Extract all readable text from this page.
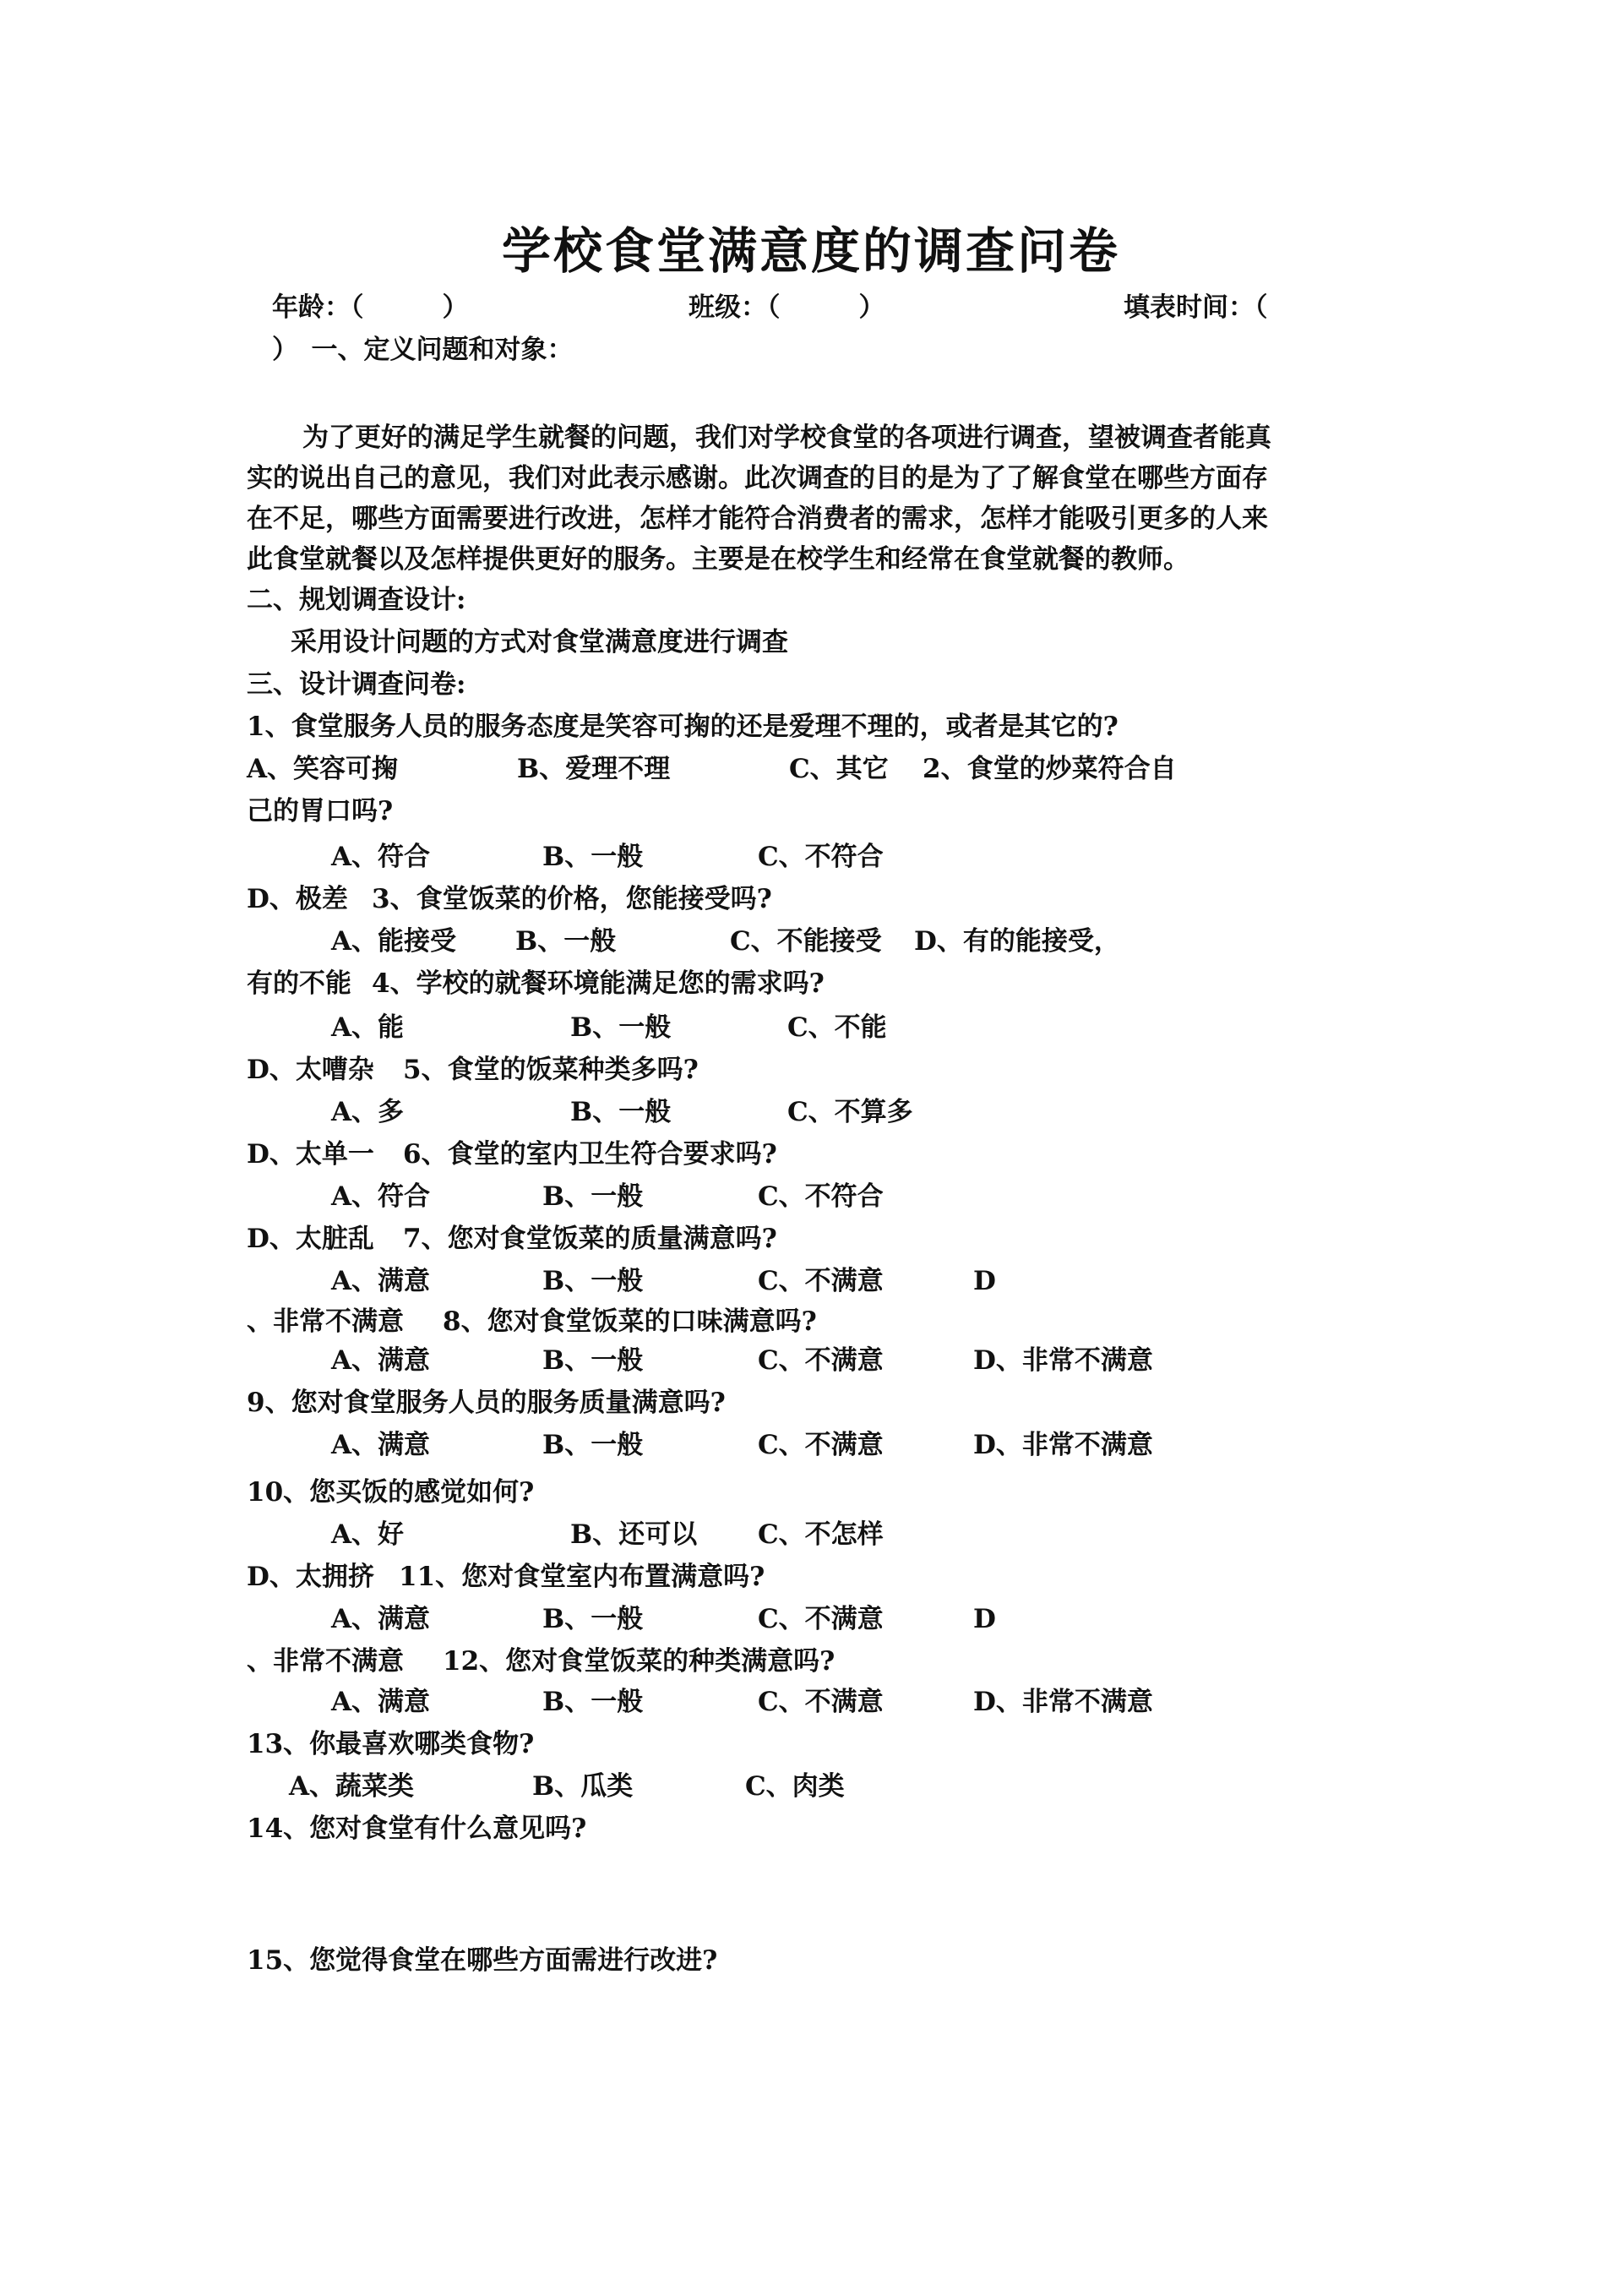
学校食堂满意度的调查问卷
年龄：（　　　）	班级：（　　　）	填表时间：（
）　一、定义问题和对象：
为了更好的满足学生就餐的问题，我们对学校食堂的各项进行调查，望被调查者能真
实的说出自己的意见，我们对此表示感谢。此次调查的目的是为了了解食堂在哪些方面存
在不足，哪些方面需要进行改进，怎样才能符合消费者的需求，怎样才能吸引更多的人来
此食堂就餐以及怎样提供更好的服务。主要是在校学生和经常在食堂就餐的教师。
二、规划调查设计:
采用设计问题的方式对食堂满意度进行调查
三、设计调查问卷:
1、食堂服务人员的服务态度是笑容可掬的还是爱理不理的，或者是其它的?
A、笑容可掬	B、爱理不理	C、其它 2、食堂的炒菜符合自
己的胃口吗?
A、符合	B、一般	C、不符合
D、极差 3、食堂饭菜的价格，您能接受吗?
A、能接受 B、一般	C、不能接受 D、有的能接受，
有的不能 4、学校的就餐环境能满足您的需求吗?
A、能	B、一般	C、不能
D、太嘈杂 5、食堂的饭菜种类多吗?
A、多	B、一般	C、不算多
D、太单一 6、食堂的室内卫生符合要求吗?
A、符合	B、一般	C、不符合
D、太脏乱 7、您对食堂饭菜的质量满意吗?
A、满意	B、一般	C、不满意	D
、非常不满意 8、您对食堂饭菜的口味满意吗?
A、满意	B、一般	C、不满意	D、非常不满意
9、您对食堂服务人员的服务质量满意吗?
A、满意	B、一般	C、不满意	D、非常不满意
10、您买饭的感觉如何?
A、好	B、还可以 C、不怎样
D、太拥挤 11、您对食堂室内布置满意吗?
A、满意	B、一般	C、不满意	D
、非常不满意 12、您对食堂饭菜的种类满意吗?
A、满意	B、一般	C、不满意	D、非常不满意
13、你最喜欢哪类食物?
A、蔬菜类	B、瓜类	C、肉类
14、您对食堂有什么意见吗?
15、您觉得食堂在哪些方面需进行改进?
